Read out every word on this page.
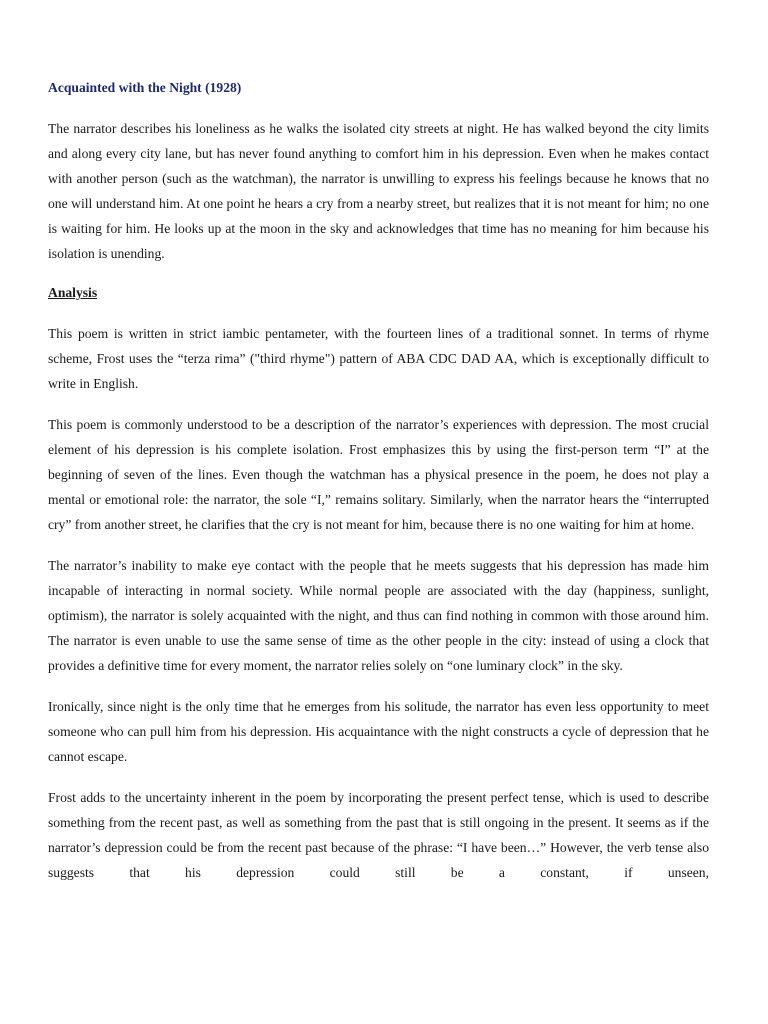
Acquainted with the Night (1928)

The narrator describes his loneliness as he walks the isolated city streets at night. He has walked beyond the city limits and along every city lane, but has never found anything to comfort him in his depression. Even when he makes contact with another person (such as the watchman), the narrator is unwilling to express his feelings because he knows that no one will understand him. At one point he hears a cry from a nearby street, but realizes that it is not meant for him; no one is waiting for him. He looks up at the moon in the sky and acknowledges that time has no meaning for him because his isolation is unending.

Analysis

This poem is written in strict iambic pentameter, with the fourteen lines of a traditional sonnet. In terms of rhyme scheme, Frost uses the “terza rima” ("third rhyme") pattern of ABA CDC DAD AA, which is exceptionally difficult to write in English.

This poem is commonly understood to be a description of the narrator’s experiences with depression. The most crucial element of his depression is his complete isolation. Frost emphasizes this by using the first-person term “I” at the beginning of seven of the lines. Even though the watchman has a physical presence in the poem, he does not play a mental or emotional role: the narrator, the sole “I,” remains solitary. Similarly, when the narrator hears the “interrupted cry” from another street, he clarifies that the cry is not meant for him, because there is no one waiting for him at home.

The narrator’s inability to make eye contact with the people that he meets suggests that his depression has made him incapable of interacting in normal society. While normal people are associated with the day (happiness, sunlight, optimism), the narrator is solely acquainted with the night, and thus can find nothing in common with those around him. The narrator is even unable to use the same sense of time as the other people in the city: instead of using a clock that provides a definitive time for every moment, the narrator relies solely on “one luminary clock” in the sky.

Ironically, since night is the only time that he emerges from his solitude, the narrator has even less opportunity to meet someone who can pull him from his depression. His acquaintance with the night constructs a cycle of depression that he cannot escape.

Frost adds to the uncertainty inherent in the poem by incorporating the present perfect tense, which is used to describe something from the recent past, as well as something from the past that is still ongoing in the present. It seems as if the narrator’s depression could be from the recent past because of the phrase: “I have been…” However, the verb tense also suggests that his depression could still be a constant, if unseen,
